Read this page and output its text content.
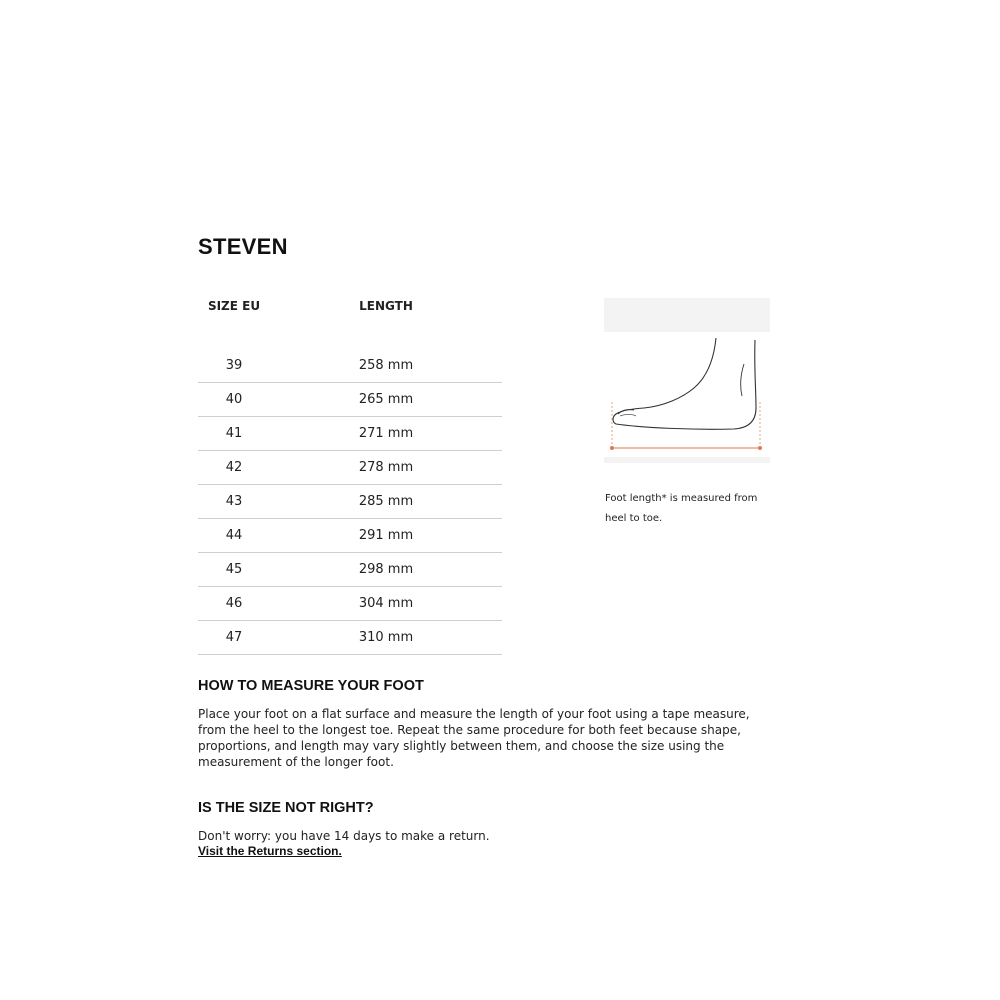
STEVEN
SIZE EU	LENGTH

39	258 mm
40	265 mm
41	271 mm
42	278 mm
43	285 mm
44	291 mm
45	298 mm
46	304 mm
47	310 mm
Foot length* is measured from
heel to toe.
HOW TO MEASURE YOUR FOOT
Place your foot on a flat surface and measure the length of your foot using a tape measure,
from the heel to the longest toe. Repeat the same procedure for both feet because shape,
proportions, and length may vary slightly between them, and choose the size using the
measurement of the longer foot.
IS THE SIZE NOT RIGHT?
Don't worry: you have 14 days to make a return.
Visit the Returns section.
